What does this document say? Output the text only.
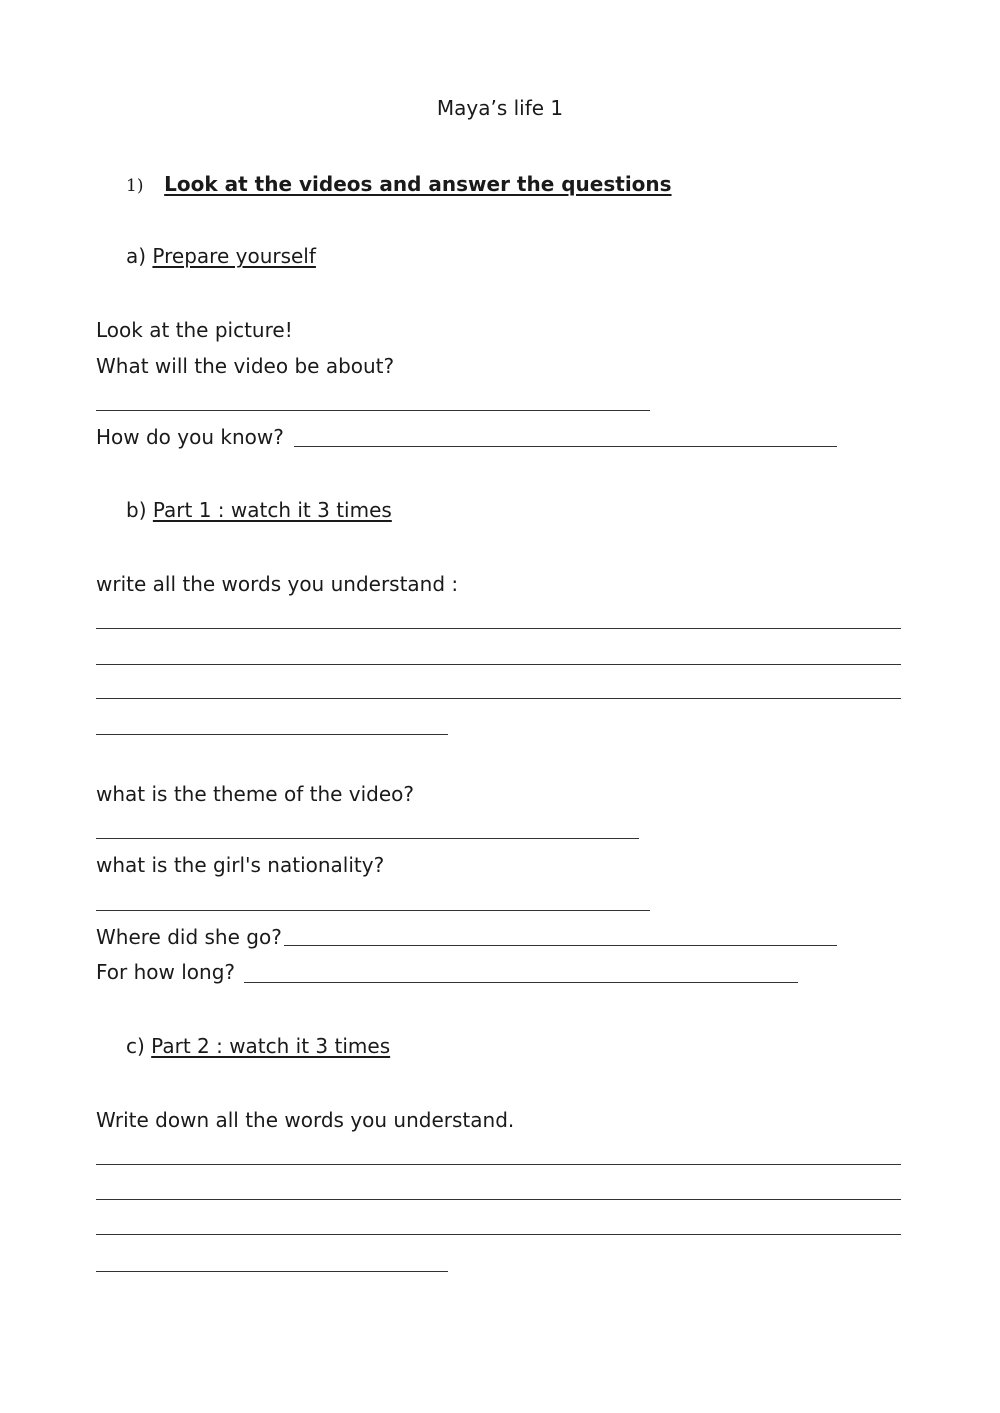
Maya’s life 1
1) Look at the videos and answer the questions
a) Prepare yourself
Look at the picture!
What will the video be about?
How do you know?
b) Part 1 : watch it 3 times
write all the words you understand :
what is the theme of the video?
what is the girl's nationality?
Where did she go?
For how long?
c) Part 2 : watch it 3 times
Write down all the words you understand.
